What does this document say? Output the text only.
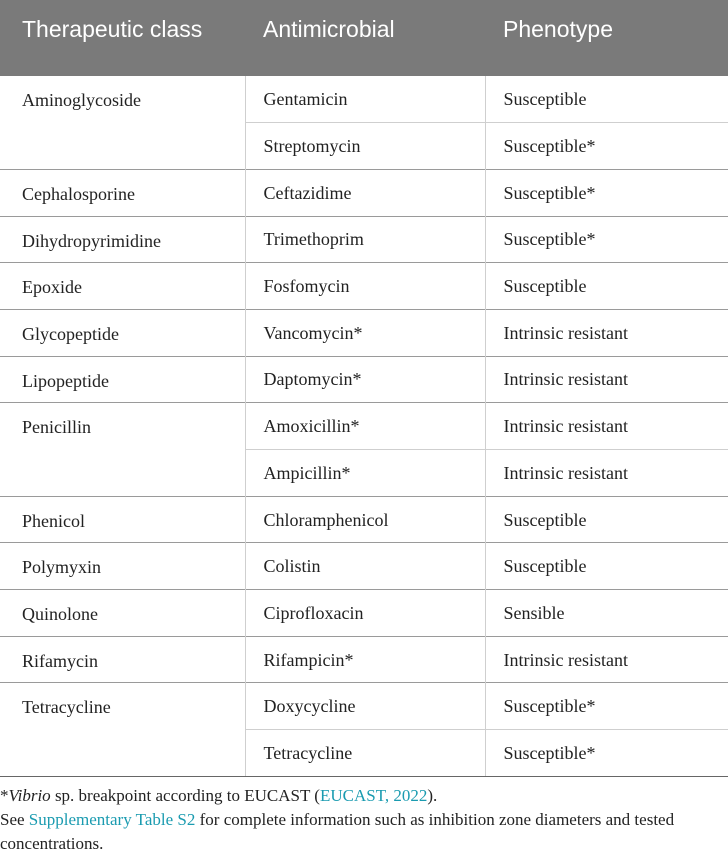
Therapeutic class	Antimicrobial	Phenotype
Aminoglycoside	Gentamicin	Susceptible
	Streptomycin	Susceptible*
Cephalosporine	Ceftazidime	Susceptible*
Dihydropyrimidine	Trimethoprim	Susceptible*
Epoxide	Fosfomycin	Susceptible
Glycopeptide	Vancomycin*	Intrinsic resistant
Lipopeptide	Daptomycin*	Intrinsic resistant
Penicillin	Amoxicillin*	Intrinsic resistant
	Ampicillin*	Intrinsic resistant
Phenicol	Chloramphenicol	Susceptible
Polymyxin	Colistin	Susceptible
Quinolone	Ciprofloxacin	Sensible
Rifamycin	Rifampicin*	Intrinsic resistant
Tetracycline	Doxycycline	Susceptible*
	Tetracycline	Susceptible*

*Vibrio sp. breakpoint according to EUCAST (EUCAST, 2022).

See Supplementary Table S2 for complete information such as inhibition zone diameters and tested concentrations.
